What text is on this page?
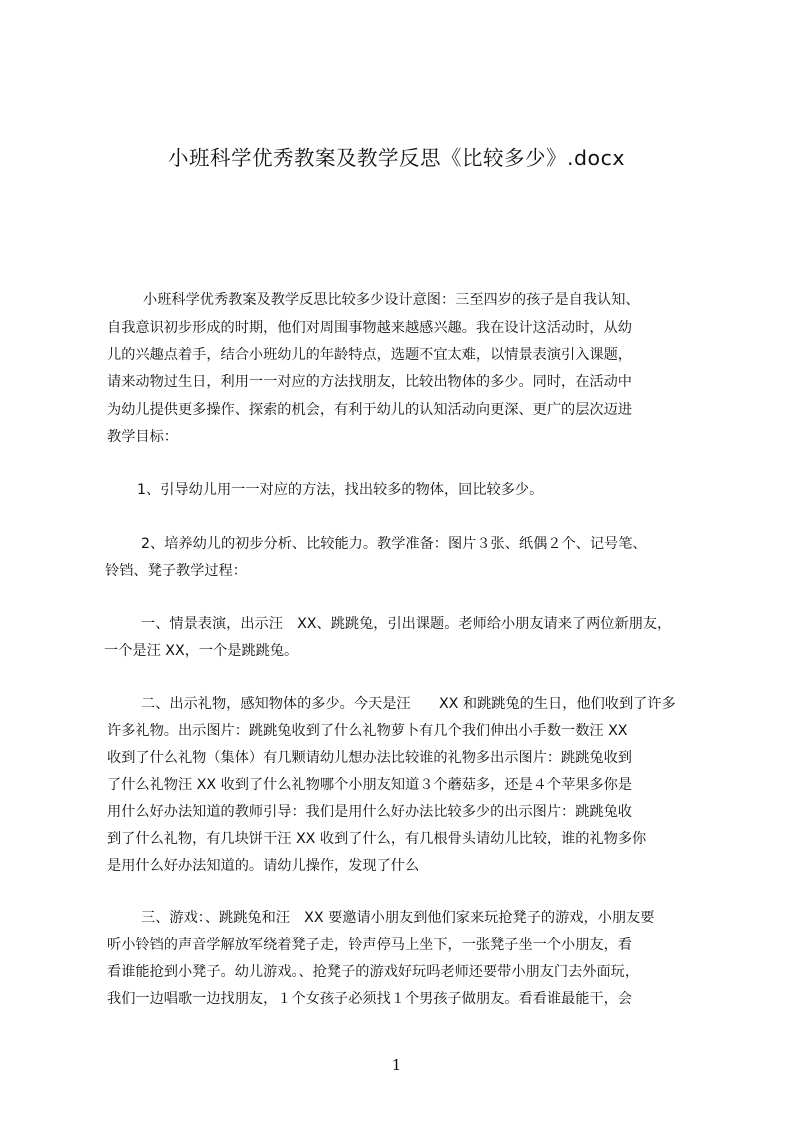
小班科学优秀教案及教学反思《比较多少》.docx
小班科学优秀教案及教学反思比较多少设计意图：三至四岁的孩子是自我认知、
自我意识初步形成的时期，他们对周围事物越来越感兴趣。我在设计这活动时，从幼
儿的兴趣点着手，结合小班幼儿的年龄特点，选题不宜太难，以情景表演引入课题，
请来动物过生日，利用一一对应的方法找朋友，比较出物体的多少。同时，在活动中
为幼儿提供更多操作、探索的机会，有利于幼儿的认知活动向更深、更广的层次迈进
教学目标：
1、引导幼儿用一一对应的方法，找出较多的物体，回比较多少。
2、培养幼儿的初步分析、比较能力。教学准备：图片３张、纸偶２个、记号笔、
铃铛、凳子教学过程：
一、情景表演，出示汪　XX、跳跳兔，引出课题。老师给小朋友请来了两位新朋友，
一个是汪 XX，一个是跳跳兔。
二、出示礼物，感知物体的多少。今天是汪　　XX 和跳跳兔的生日，他们收到了许多
许多礼物。出示图片：跳跳兔收到了什么礼物萝卜有几个我们伸出小手数一数汪 XX
收到了什么礼物（集体）有几颗请幼儿想办法比较谁的礼物多出示图片：跳跳兔收到
了什么礼物汪 XX 收到了什么礼物哪个小朋友知道３个蘑菇多，还是４个苹果多你是
用什么好办法知道的教师引导：我们是用什么好办法比较多少的出示图片：跳跳兔收
到了什么礼物，有几块饼干汪 XX 收到了什么，有几根骨头请幼儿比较，谁的礼物多你
是用什么好办法知道的。请幼儿操作，发现了什么
三、游戏：、跳跳兔和汪　XX 要邀请小朋友到他们家来玩抢凳子的游戏，小朋友要
听小铃铛的声音学解放军绕着凳子走，铃声停马上坐下，一张凳子坐一个小朋友，看
看谁能抢到小凳子。幼儿游戏。、抢凳子的游戏好玩吗老师还要带小朋友门去外面玩，
我们一边唱歌一边找朋友，１个女孩子必须找１个男孩子做朋友。看看谁最能干，会
1
